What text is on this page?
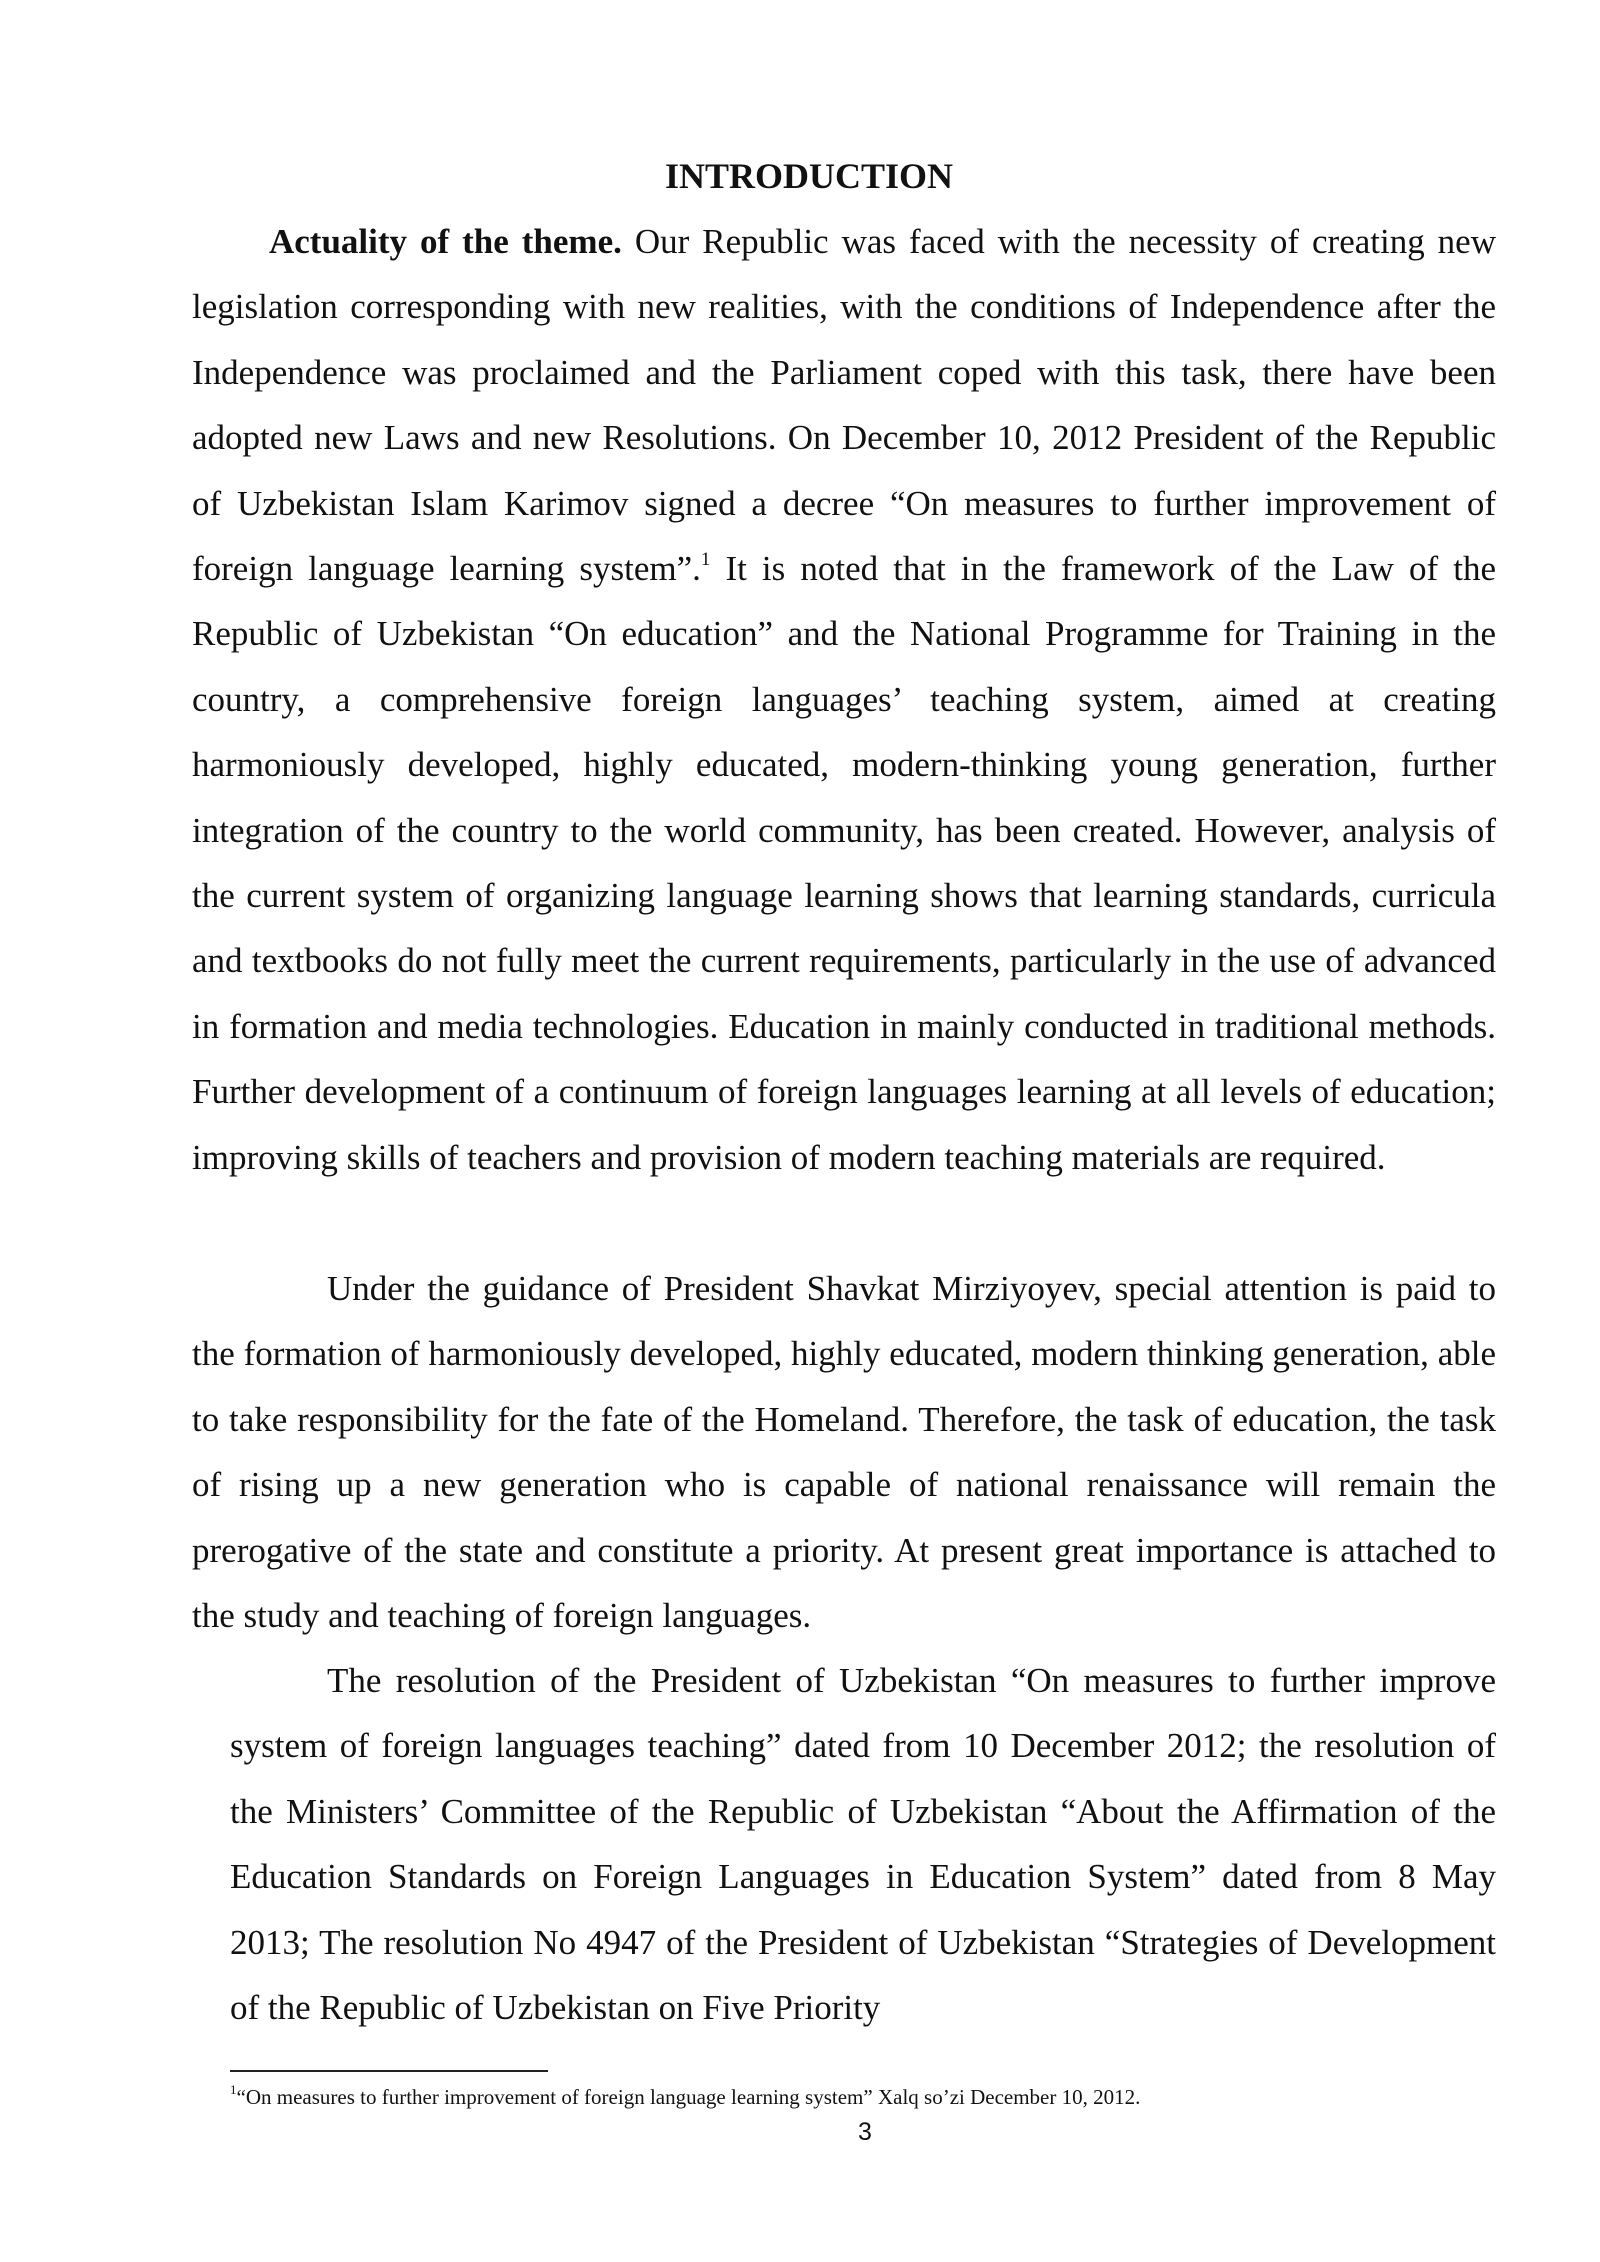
INTRODUCTION

Actuality of the theme. Our Republic was faced with the necessity of creating new legislation corresponding with new realities, with the conditions of Independence after the Independence was proclaimed and the Parliament coped with this task, there have been adopted new Laws and new Resolutions. On December 10, 2012 President of the Republic of Uzbekistan Islam Karimov signed a decree “On measures to further improvement of foreign language learning system”.$^1$ It is noted that in the framework of the Law of the Republic of Uzbekistan “On education” and the National Programme for Training in the country, a comprehensive foreign languages’ teaching system, aimed at creating harmoniously developed, highly educated, modern-thinking young generation, further integration of the country to the world community, has been created. However, analysis of the current system of organizing language learning shows that learning standards, curricula and textbooks do not fully meet the current requirements, particularly in the use of advanced in formation and media technologies. Education in mainly conducted in traditional methods. Further development of a continuum of foreign languages learning at all levels of education; improving skills of teachers and provision of modern teaching materials are required.

Under the guidance of President Shavkat Mirziyoyev, special attention is paid to the formation of harmoniously developed, highly educated, modern thinking generation, able to take responsibility for the fate of the Homeland. Therefore, the task of education, the task of rising up a new generation who is capable of national renaissance will remain the prerogative of the state and constitute a priority. At present great importance is attached to the study and teaching of foreign languages.

The resolution of the President of Uzbekistan “On measures to further improve system of foreign languages teaching” dated from 10 December 2012; the resolution of the Ministers’ Committee of the Republic of Uzbekistan “About the Affirmation of the Education Standards on Foreign Languages in Education System” dated from 8 May 2013; The resolution No 4947 of the President of Uzbekistan “Strategies of Development of the Republic of Uzbekistan on Five Priority

$^1$“On measures to further improvement of foreign language learning system” Xalq so’zi December 10, 2012.

3
